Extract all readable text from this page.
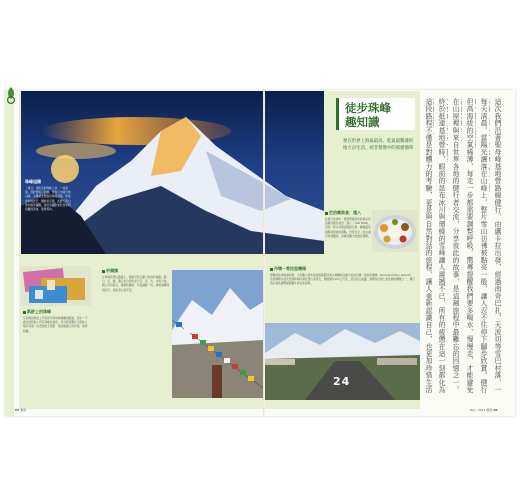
珠峰旭陽
「旭日」為所有的珠峰之初，一座金頂，因此便有它的美。作為日出時分的山峰，太陽首先照射到珠峰頂端，形成金色的光芒，猶如金字塔，在藍天與白雪中格外耀眼，是所有攝影愛好者爭相拍攝的景象，值得等待。
徒步珠峰
趣知識
要在世界上海拔最高、乾氣最稀薄的地方討生活，絕非想像中的那麼簡單
尼泊爾美食：達八
在健行的途中，旅客們最常吃的就是尼泊爾的國民美食「達八」(Dal Bhat)，這是一套以米飯搭配扁豆湯、咖哩蔬菜與醃菜組成的餐點，份量充足，吃完還可免費續加，是補充體力的最佳選擇。
紙鈔上的珠峰
尼泊爾的紙鈔上印有許多與珠峰相關的圖案，其中一千盧比的紙鈔上印有珠峰的景色，另外紐西蘭五元紙鈔上則印有第一位登頂的艾德蒙．希拉瑞爵士的肖像，值得收藏。
祈福旗
在珠峰的登山路線上，隨處可見五顏六色的祈福旗，藍、白、紅、綠、黃五色分別代表天空、雲、火、水與大地，旗上印有經文，當風吹動時，代表誦經一次，將祝福傳送到四方，保佑登山者平安。
丹增－希拉里機場
想要前往珠峰基地營，大多數人會先從加德滿都搭乘小飛機前往盧卡拉的丹增－希拉里機場（Tenzing-Hillary Airport），這座機場以首次登頂珠峰的兩位登山家命名，跑道僅有527公尺長，且位於山崖邊，被稱為世界上最危險的機場之一，飛行員必須具備豐富經驗才能在此起降。
24
69 旅遊
這次我們沿著聖母峰基地營路線健行，由盧卡拉出發，經過南奇巴扎、天波切等雪巴村落，一
每天清晨，當陽光灑落在山峰上，整片雪山彷彿被點亮一般，讓人忍不住停下腳步欣賞。健行
但高海拔的空氣稀薄，每走一步都需要調整呼吸，嚮導提醒我們要多喝水、慢慢走，才能避免
在山屋裡與來自世界各地的健行者交流，分享彼此的故事，是這趟旅程中最難忘的回憶之一。
終於抵達基地營時，眼前的昆布冰川與環繞的雪峰讓人震撼不已，所有的疲憊在這一刻都化為
這段路程不僅是對體力的考驗，更是與自然對話的旅程，讓人重新認識自己，也更加珍惜生活
Dec. 2021 旅遊 68
